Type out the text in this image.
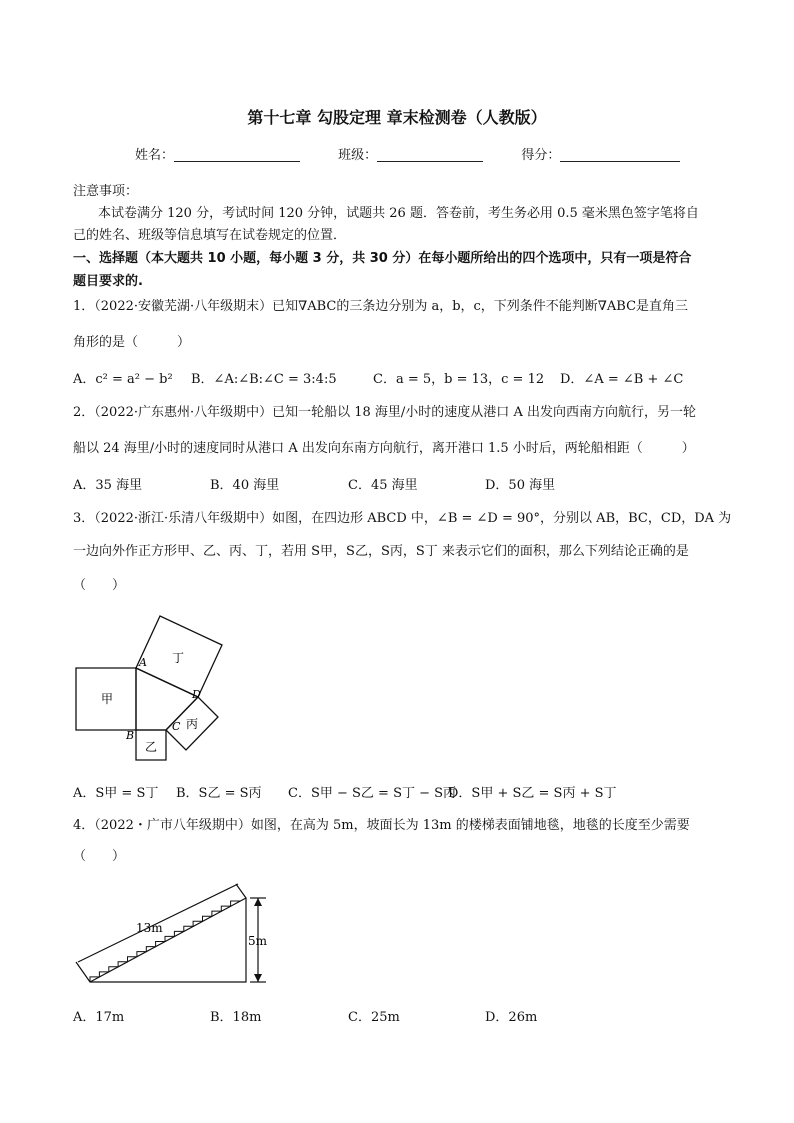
第十七章 勾股定理 章末检测卷（人教版）
姓名：	班级：	得分：
注意事项：
本试卷满分 120 分，考试时间 120 分钟，试题共 26 题．答卷前，考生务必用 0.5 毫米黑色签字笔将自
己的姓名、班级等信息填写在试卷规定的位置．
一、选择题（本大题共 10 小题，每小题 3 分，共 30 分）在每小题所给出的四个选项中，只有一项是符合
题目要求的.
1．（2022·安徽芜湖·八年级期末）已知∇ABC的三条边分别为 a，b，c，下列条件不能判断∇ABC是直角三
角形的是（　　　）
A．c² = a² − b² B．∠A:∠B:∠C = 3:4:5	C．a = 5，b = 13，c = 12 D．∠A = ∠B + ∠C
2．（2022·广东惠州·八年级期中）已知一轮船以 18 海里/小时的速度从港口 A 出发向西南方向航行，另一轮
船以 24 海里/小时的速度同时从港口 A 出发向东南方向航行，离开港口 1.5 小时后，两轮船相距（　　　）
A．35 海里	B．40 海里	C．45 海里	D．50 海里
3．（2022·浙江·乐清八年级期中）如图，在四边形 ABCD 中，∠B = ∠D = 90°，分别以 AB，BC，CD，DA 为
一边向外作正方形甲、乙、丙、丁，若用 S甲，S乙，S丙，S丁 来表示它们的面积，那么下列结论正确的是
（　　）
甲
乙
丙
丁
A
B
C
D
A．S甲 = S丁 B．S乙 = S丙 C．S甲 − S乙 = S丁 − S丙
D．S甲 + S乙 = S丙 + S丁
4．（2022・广市八年级期中）如图，在高为 5m，坡面长为 13m 的楼梯表面铺地毯，地毯的长度至少需要
（　　）
13m
5m
A．17m	B．18m	C．25m	D．26m
